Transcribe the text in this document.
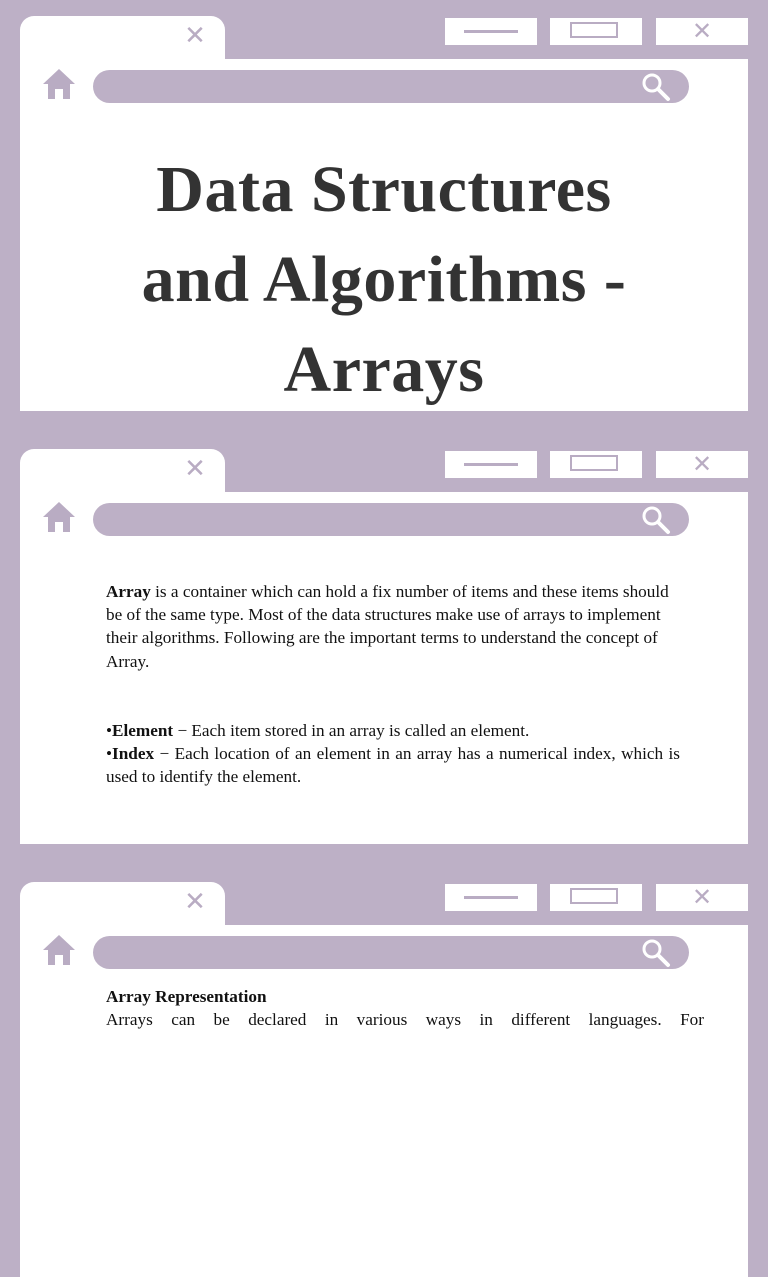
✕	✕
Data Structures
and Algorithms -
Arrays
✕	✕

Array is a container which can hold a fix number of items and these items should be of the same type. Most of the data structures make use of arrays to implement their algorithms. Following are the important terms to understand the concept of Array.

•Element − Each item stored in an array is called an element.

•Index − Each location of an element in an array has a numerical index, which is used to identify the element.

✕	✕

Array Representation

Arrays can be declared in various ways in different languages. For
